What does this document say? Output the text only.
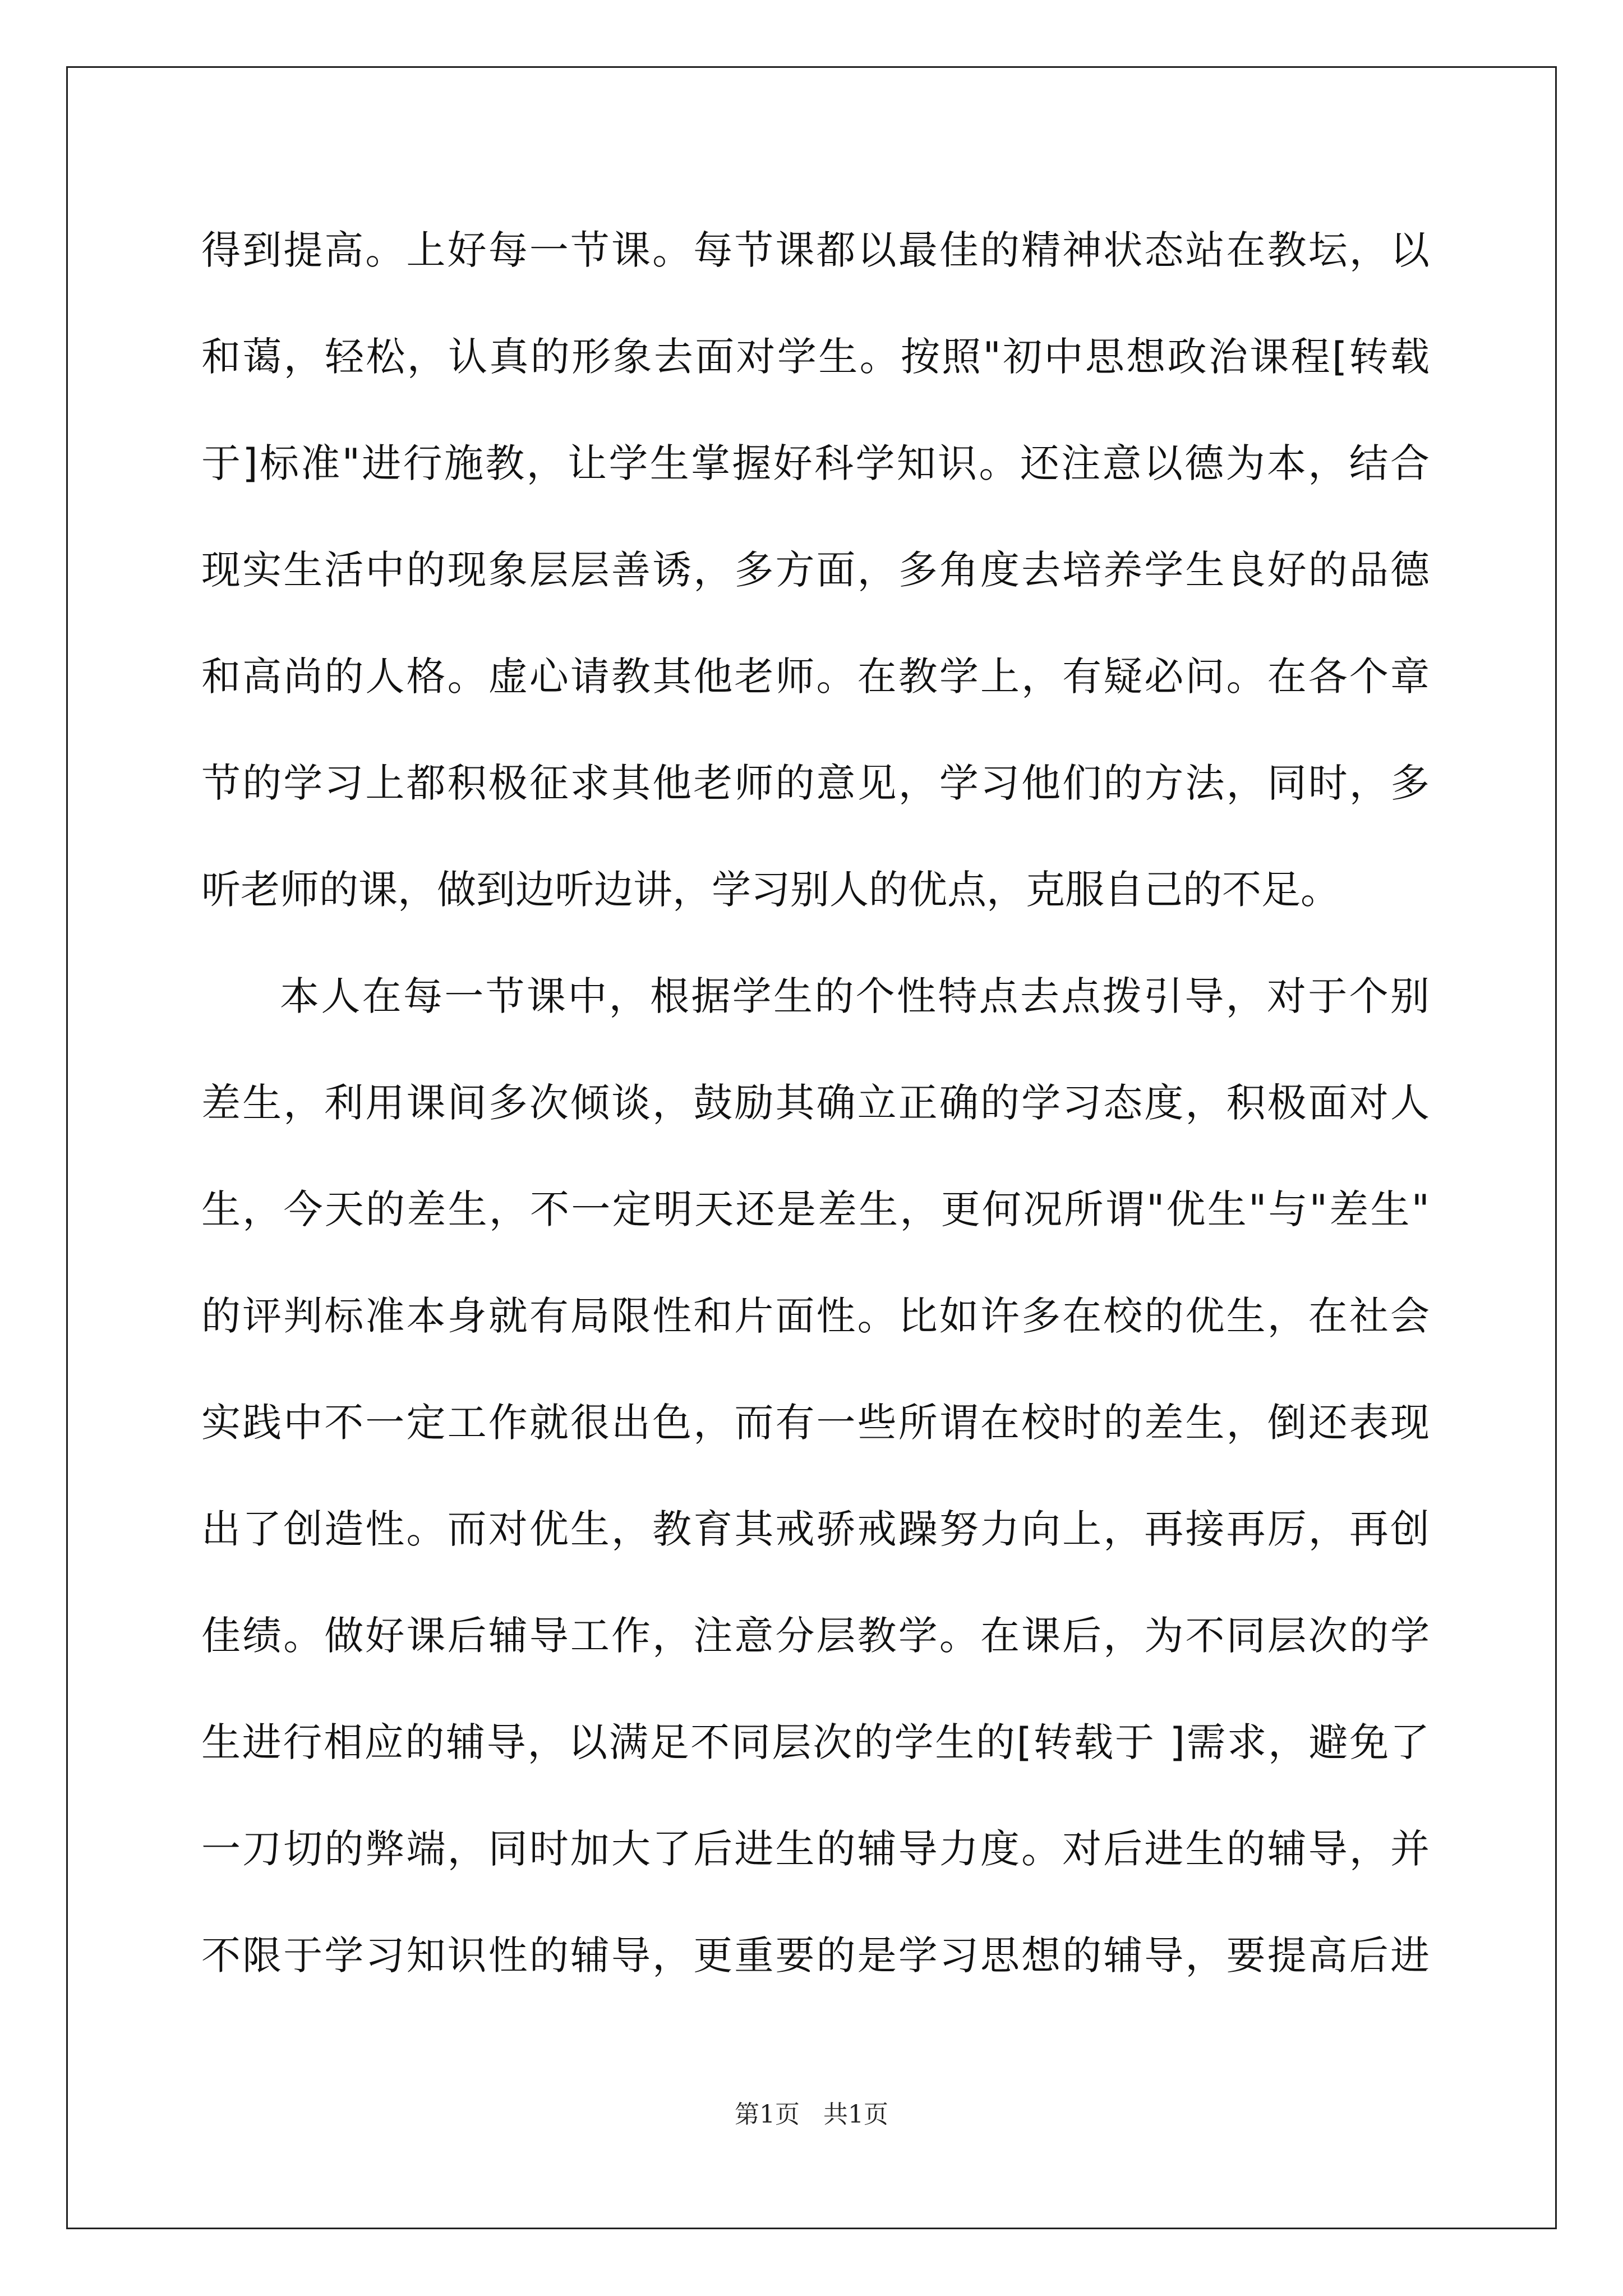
得到提高。上好每一节课。每节课都以最佳的精神状态站在教坛，以
和蔼，轻松，认真的形象去面对学生。按照"初中思想政治课程[转载
于]标准"进行施教，让学生掌握好科学知识。还注意以德为本，结合
现实生活中的现象层层善诱，多方面，多角度去培养学生良好的品德
和高尚的人格。虚心请教其他老师。在教学上，有疑必问。在各个章
节的学习上都积极征求其他老师的意见，学习他们的方法，同时，多
听老师的课，做到边听边讲，学习别人的优点，克服自己的不足。
本人在每一节课中，根据学生的个性特点去点拨引导，对于个别
差生，利用课间多次倾谈，鼓励其确立正确的学习态度，积极面对人
生，今天的差生，不一定明天还是差生，更何况所谓"优生"与"差生"
的评判标准本身就有局限性和片面性。比如许多在校的优生，在社会
实践中不一定工作就很出色，而有一些所谓在校时的差生，倒还表现
出了创造性。而对优生，教育其戒骄戒躁努力向上，再接再厉，再创
佳绩。做好课后辅导工作，注意分层教学。在课后，为不同层次的学
生进行相应的辅导，以满足不同层次的学生的[转载于 ]需求，避免了
一刀切的弊端，同时加大了后进生的辅导力度。对后进生的辅导，并
不限于学习知识性的辅导，更重要的是学习思想的辅导，要提高后进
第1页 共1页
